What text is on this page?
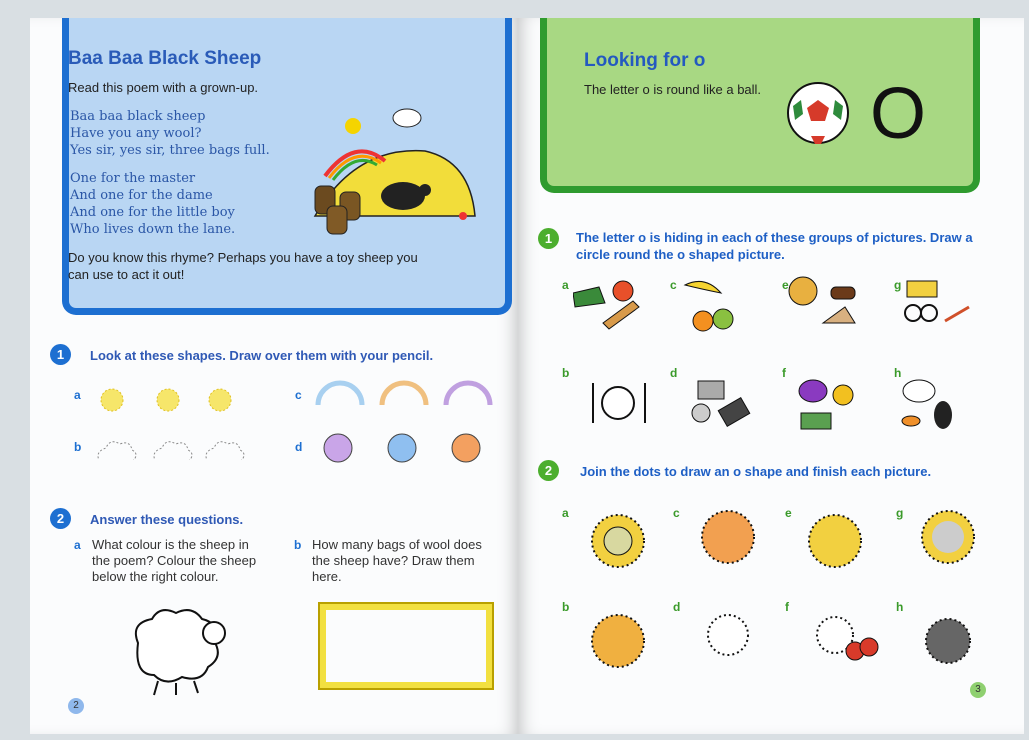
Baa Baa Black Sheep
Read this poem with a grown-up.
Baa baa black sheep
Have you any wool?
Yes sir, yes sir, three bags full.
One for the master
And one for the dame
And one for the little boy
Who lives down the lane.
Do you know this rhyme? Perhaps you have a toy sheep you can use to act it out!
1	Look at these shapes. Draw over them with your pencil.
a
b
c
d
2	Answer these questions.
a What colour is the sheep in the poem? Colour the sheep below the right colour.
b How many bags of wool does the sheep have? Draw them here.
2
Looking for o
The letter o is round like a ball. O
1	The letter o is hiding in each of these groups of pictures. Draw a circle round the o shaped picture.
a
b
c
d
e
f
g
h
2	Join the dots to draw an o shape and finish each picture.
a
b
c
d
e
f
g
h
3
